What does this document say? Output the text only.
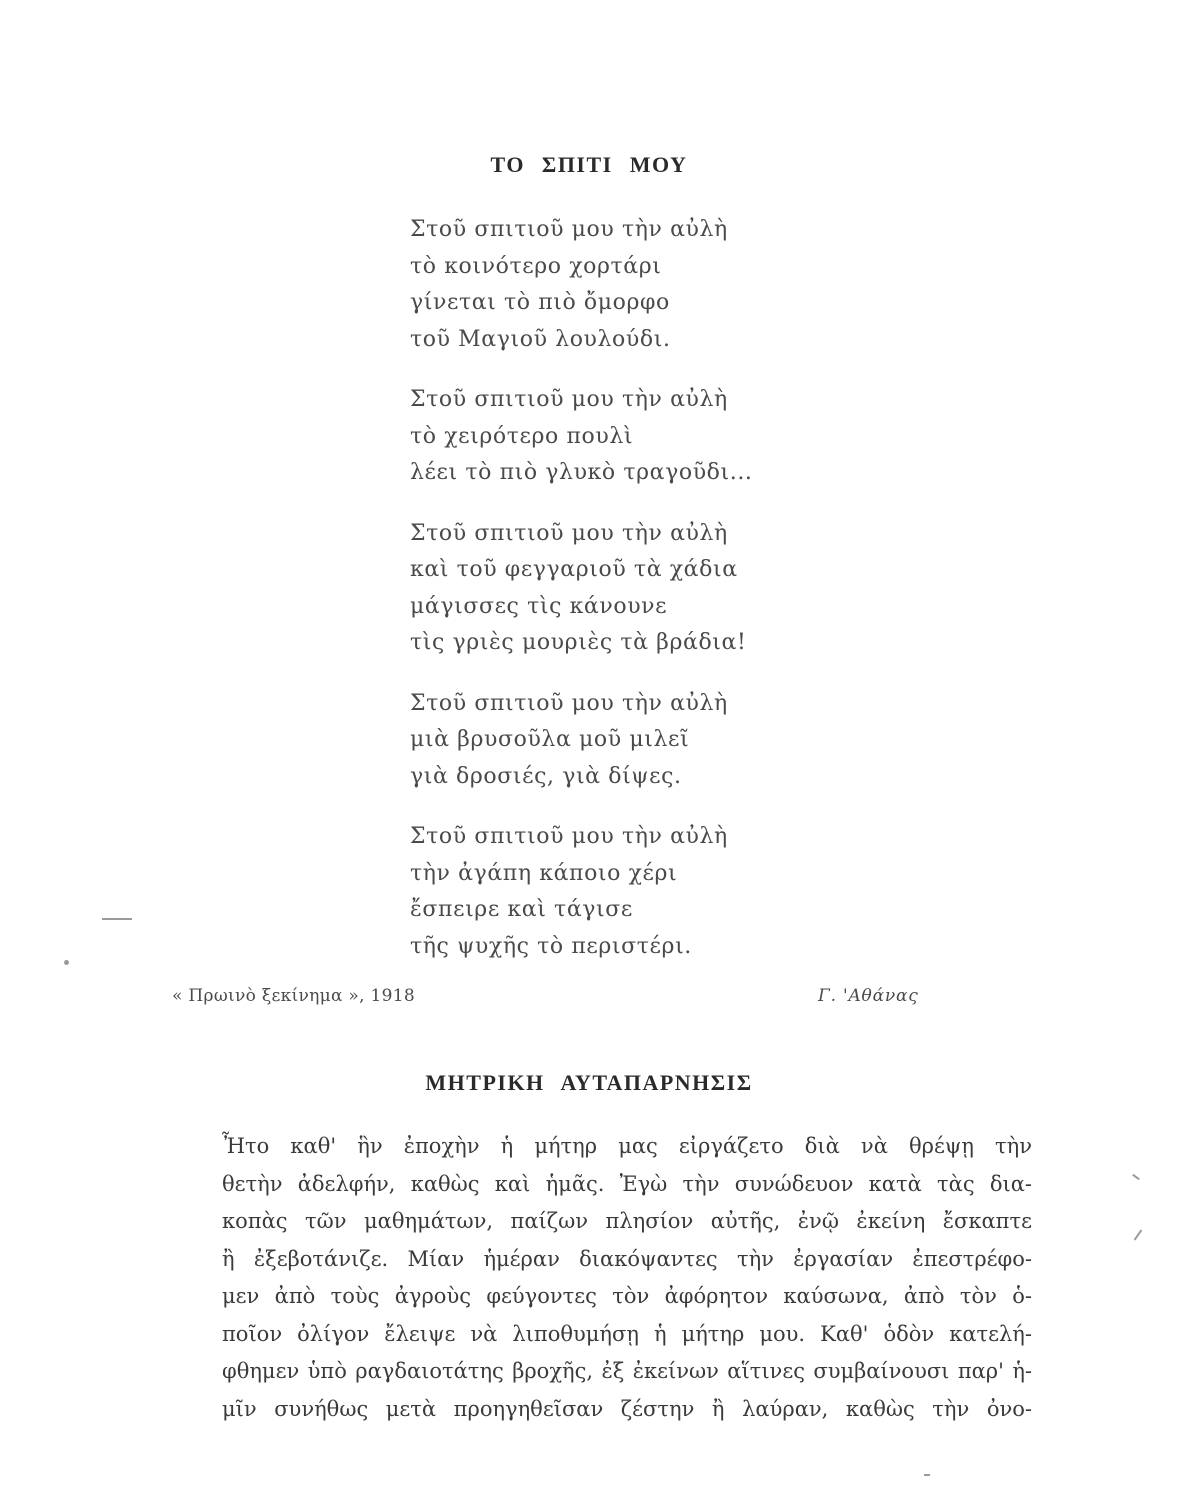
ΤΟ ΣΠΙΤΙ ΜΟΥ
Στοῦ σπιτιοῦ μου τὴν αὐλὴ
τὸ κοινότερο χορτάρι
γίνεται τὸ πιὸ ὄμορφο
τοῦ Μαγιοῦ λουλούδι.
Στοῦ σπιτιοῦ μου τὴν αὐλὴ
τὸ χειρότερο πουλὶ
λέει τὸ πιὸ γλυκὸ τραγοῦδι...
Στοῦ σπιτιοῦ μου τὴν αὐλὴ
καὶ τοῦ φεγγαριοῦ τὰ χάδια
μάγισσες τὶς κάνουνε
τὶς γριὲς μουριὲς τὰ βράδια!
Στοῦ σπιτιοῦ μου τὴν αὐλὴ
μιὰ βρυσοῦλα μοῦ μιλεῖ
γιὰ δροσιές, γιὰ δίψες.
Στοῦ σπιτιοῦ μου τὴν αὐλὴ
τὴν ἀγάπη κάποιο χέρι
ἔσπειρε καὶ τάγισε
τῆς ψυχῆς τὸ περιστέρι.
« Πρωινὸ ξεκίνημα », 1918	Γ. 'Αθάνας
ΜΗΤΡΙΚΗ ΑΥΤΑΠΑΡΝΗΣΙΣ
Ἦτο καθ' ἣν ἐποχὴν ἡ μήτηρ μας εἰργάζετο διὰ νὰ θρέψῃ τὴν
θετὴν ἀδελφήν, καθὼς καὶ ἡμᾶς. Ἐγὼ τὴν συνώδευον κατὰ τὰς δια-
κοπὰς τῶν μαθημάτων, παίζων πλησίον αὐτῆς, ἐνῷ ἐκείνη ἔσκαπτε
ἢ ἐξεβοτάνιζε. Μίαν ἡμέραν διακόψαντες τὴν ἐργασίαν ἐπεστρέφο-
μεν ἀπὸ τοὺς ἀγροὺς φεύγοντες τὸν ἀφόρητον καύσωνα, ἀπὸ τὸν ὁ-
ποῖον ὀλίγον ἔλειψε νὰ λιποθυμήσῃ ἡ μήτηρ μου. Καθ' ὁδὸν κατελή-
φθημεν ὑπὸ ραγδαιοτάτης βροχῆς, ἐξ ἐκείνων αἵτινες συμβαίνουσι παρ' ἡ-
μῖν συνήθως μετὰ προηγηθεῖσαν ζέστην ἢ λαύραν, καθὼς τὴν ὀνο-
